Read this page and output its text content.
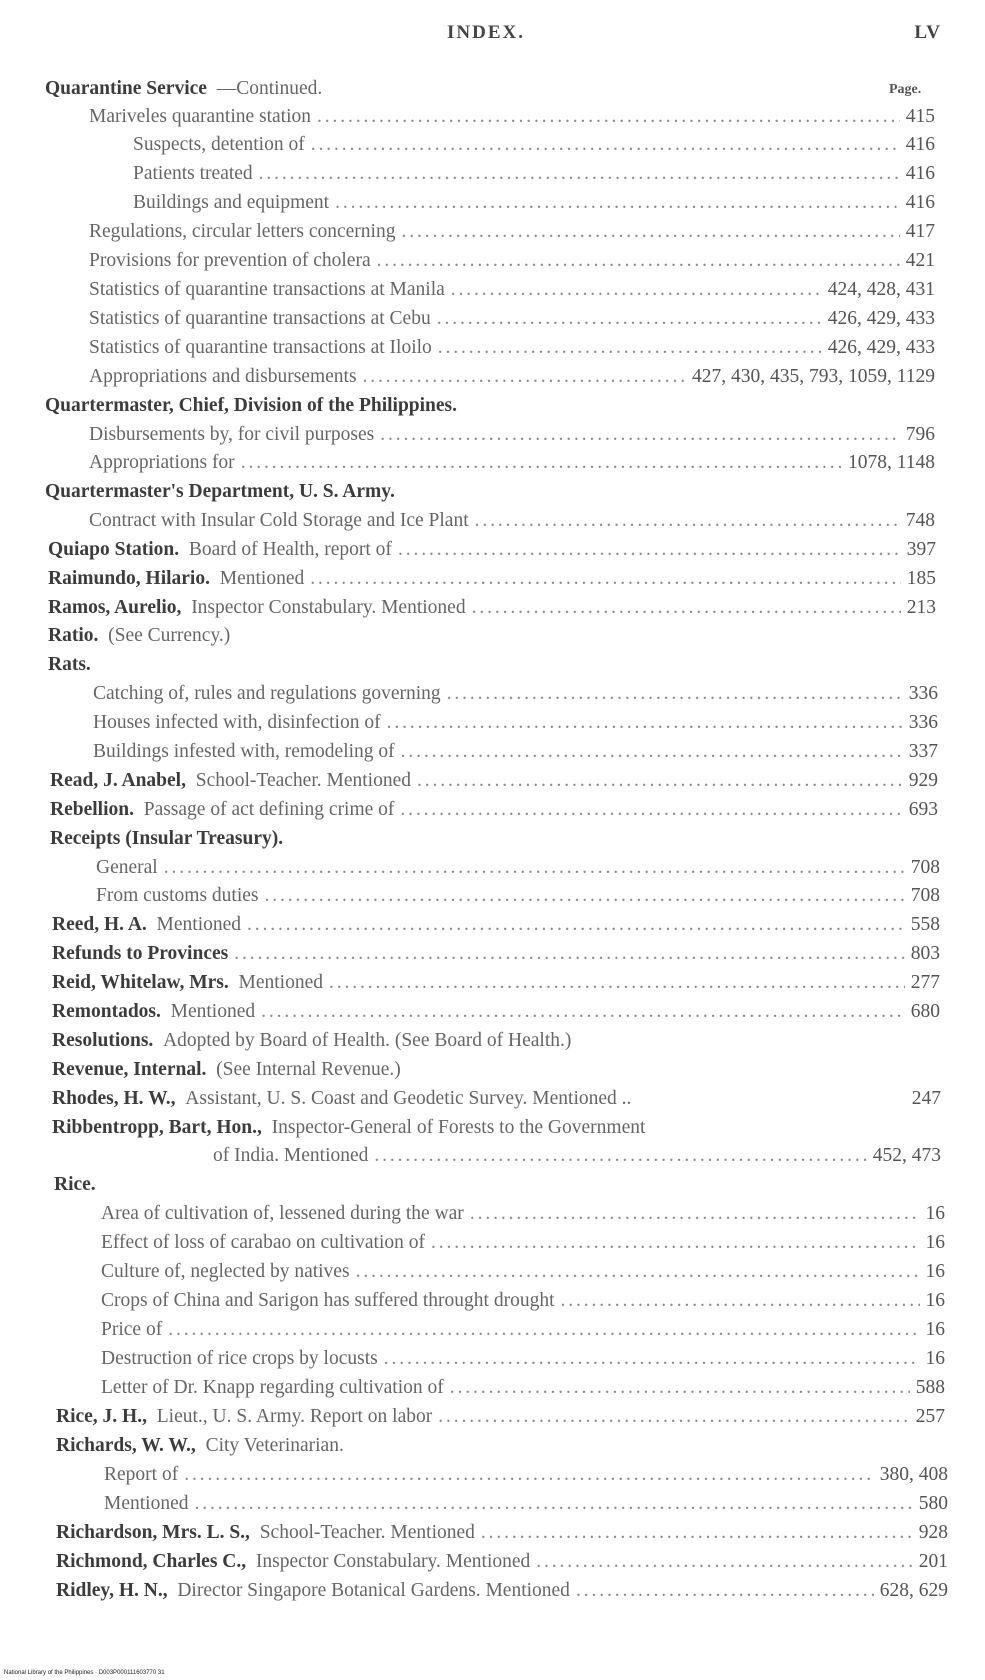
INDEX.	LV
Page.
Quarantine Service  —Continued.
Mariveles quarantine station . . .	415
Suspects, detention of . . .	416
Patients treated . . .	416
Buildings and equipment . . .	416
Regulations, circular letters concerning . . .	417
Provisions for prevention of cholera . . .	421
Statistics of quarantine transactions at Manila . . .	424, 428, 431
Statistics of quarantine transactions at Cebu . . .	426, 429, 433
Statistics of quarantine transactions at Iloilo . . .	426, 429, 433
Appropriations and disbursements . . .	427, 430, 435, 793, 1059, 1129
Quartermaster, Chief, Division of the Philippines.
Disbursements by, for civil purposes . . .	796
Appropriations for . . .	1078, 1148
Quartermaster's Department, U. S. Army.
Contract with Insular Cold Storage and Ice Plant . . .	748
Quiapo Station.  Board of Health, report of . . .	397
Raimundo, Hilario.  Mentioned . . .	185
Ramos, Aurelio,  Inspector Constabulary. Mentioned . . .	213
Ratio.  (See Currency.)
Rats.
Catching of, rules and regulations governing . . .	336
Houses infected with, disinfection of . . .	336
Buildings infested with, remodeling of . . .	337
Read, J. Anabel,  School-Teacher. Mentioned . . .	929
Rebellion.  Passage of act defining crime of . . .	693
Receipts (Insular Treasury).
General . . .	708
From customs duties . . .	708
Reed, H. A.  Mentioned . . .	558
Refunds to Provinces . . .	803
Reid, Whitelaw, Mrs.  Mentioned . . .	277
Remontados.  Mentioned . . .	680
Resolutions.  Adopted by Board of Health. (See Board of Health.)
Revenue, Internal.  (See Internal Revenue.)
Rhodes, H. W.,  Assistant, U. S. Coast and Geodetic Survey. Mentioned ..	247
Ribbentropp, Bart, Hon.,  Inspector-General of Forests to the Government
of India. Mentioned . . .	452, 473
Rice.
Area of cultivation of, lessened during the war . . .	16
Effect of loss of carabao on cultivation of . . .	16
Culture of, neglected by natives . . .	16
Crops of China and Sarigon has suffered throught drought . . .	16
Price of . . .	16
Destruction of rice crops by locusts . . .	16
Letter of Dr. Knapp regarding cultivation of . . .	588
Rice, J. H.,  Lieut., U. S. Army. Report on labor . . .	257
Richards, W. W.,  City Veterinarian.
Report of . . .	380, 408
Mentioned . . .	580
Richardson, Mrs. L. S.,  School-Teacher. Mentioned . . .	928
Richmond, Charles C.,  Inspector Constabulary. Mentioned . . .	201
Ridley, H. N.,  Director Singapore Botanical Gardens. Mentioned . . .	628, 629
National Library of the Philippines · D003P000111603770 31
